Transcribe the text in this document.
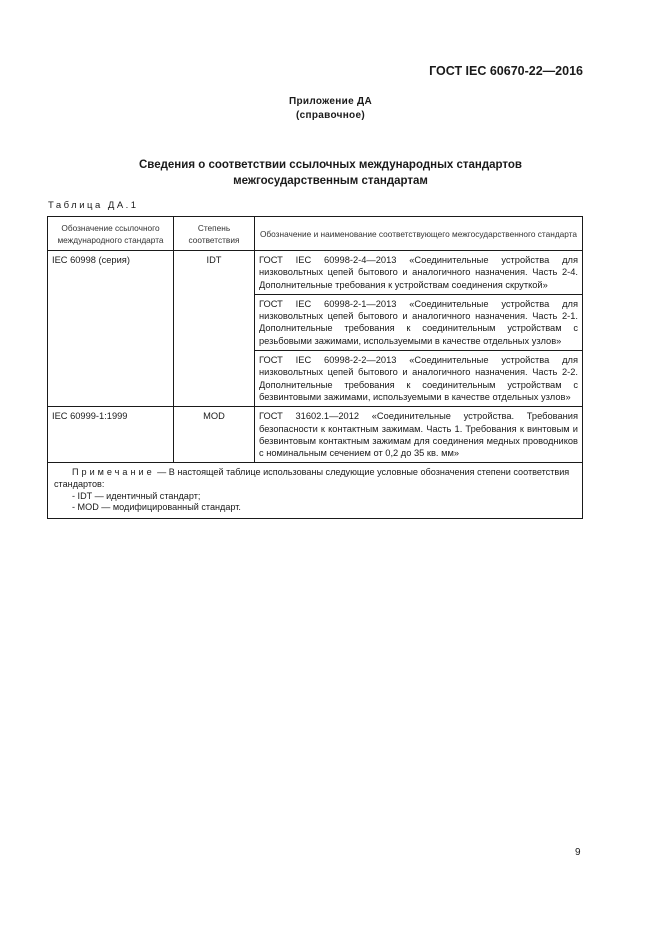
ГОСТ IEC 60670-22—2016
Приложение ДА
(справочное)
Сведения о соответствии ссылочных международных стандартов
межгосударственным стандартам
Таблица ДА.1
Обозначение ссылочного международного стандарта	Степень соответствия	Обозначение и наименование соответствующего межгосударственного стандарта
IEC 60998 (серия)	IDT	ГОСТ IEC 60998-2-4—2013 «Соединительные устройства для низковольтных цепей бытового и аналогичного назначения. Часть 2-4. Дополнительные требования к устройствам соединения скруткой»
		ГОСТ IEC 60998-2-1—2013 «Соединительные устройства для низковольтных цепей бытового и аналогичного назначения. Часть 2-1. Дополнительные требования к соединительным устройствам с резьбовыми зажимами, используемыми в качестве отдельных узлов»
		ГОСТ IEC 60998-2-2—2013 «Соединительные устройства для низковольтных цепей бытового и аналогичного назначения. Часть 2-2. Дополнительные требования к соединительным устройствам с безвинтовыми зажимами, используемыми в качестве отдельных узлов»
IEC 60999-1:1999	MOD	ГОСТ 31602.1—2012 «Соединительные устройства. Требования безопасности к контактным зажимам. Часть 1. Требования к винтовым и безвинтовым контактным зажимам для соединения медных проводников с номинальным сечением от 0,2 до 35 кв. мм»

Примечание — В настоящей таблице использованы следующие условные обозначения степени соответствия стандартов:
- IDT — идентичный стандарт;
- MOD — модифицированный стандарт.		
9
